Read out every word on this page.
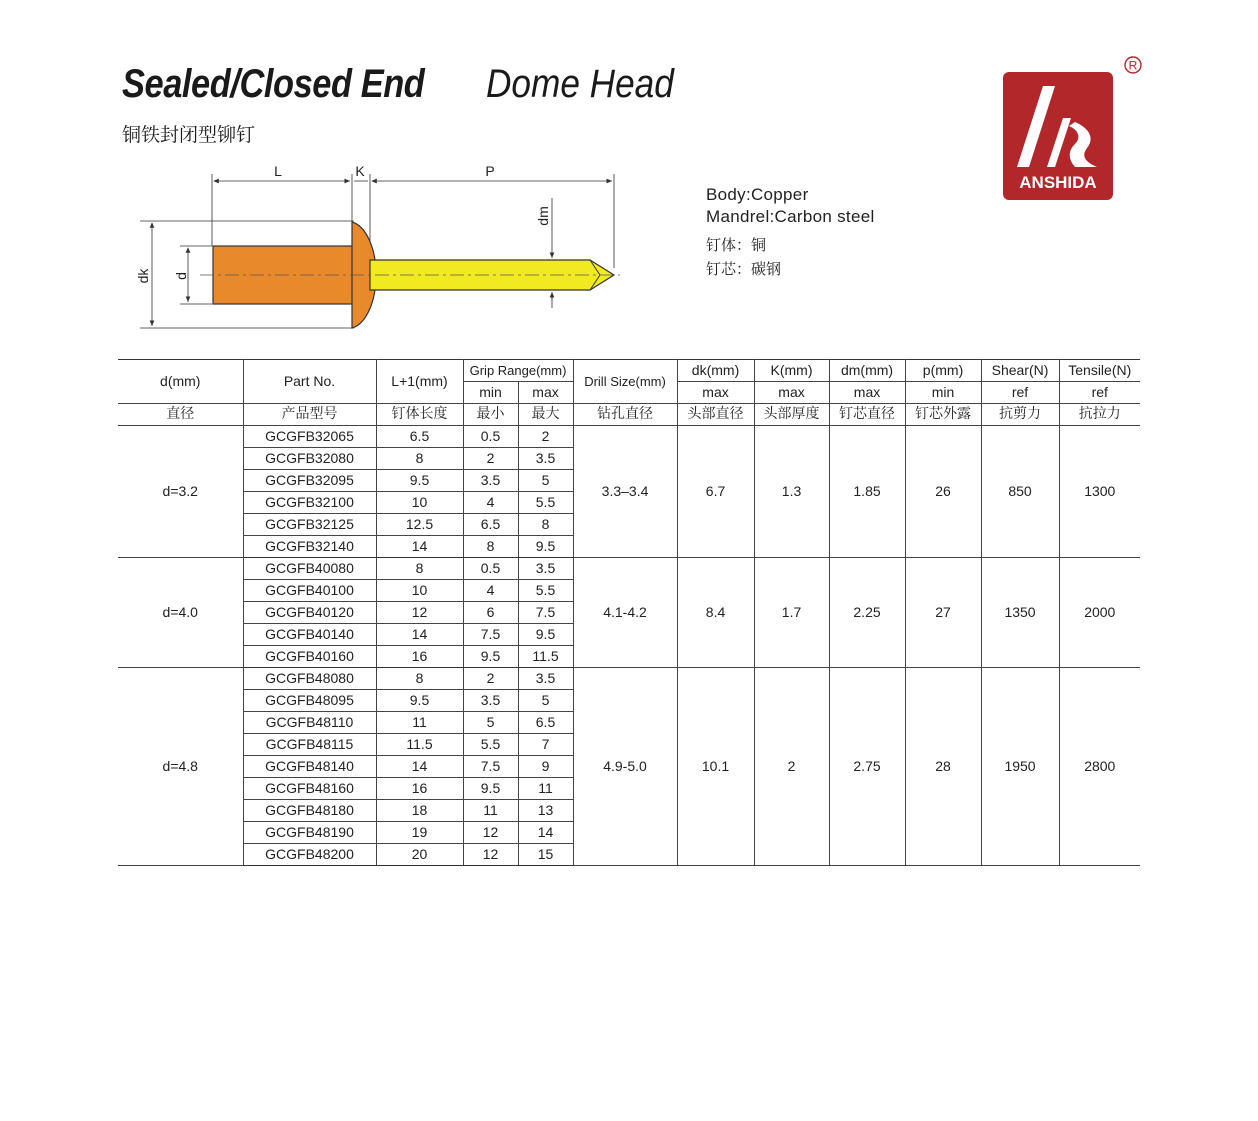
Sealed/Closed End Dome Head
铜铁封闭型铆钉
Body:Copper
Mandrel:Carbon steel
钉体：铜
钉芯：碳钢
ANSHIDA
R
L	K	P
dk d
dm
d(mm)	Part No.	L+1(mm)	Grip Range(mm)		Drill Size(mm)	dk(mm)	K(mm)	dm(mm)	p(mm)	Shear(N)	Tensile(N)
			min	max		max	max	max	min	ref	ref
直径	产品型号	钉体长度	最小	最大	钻孔直径	头部直径	头部厚度	钉芯直径	钉芯外露	抗剪力	抗拉力
d=3.2	GCGFB32065	6.5	0.5	2	3.3–3.4	6.7	1.3	1.85	26	850	1300
	GCGFB32080	8	2	3.5							
	GCGFB32095	9.5	3.5	5							
	GCGFB32100	10	4	5.5							
	GCGFB32125	12.5	6.5	8							
	GCGFB32140	14	8	9.5							
d=4.0	GCGFB40080	8	0.5	3.5	4.1-4.2	8.4	1.7	2.25	27	1350	2000
	GCGFB40100	10	4	5.5							
	GCGFB40120	12	6	7.5							
	GCGFB40140	14	7.5	9.5							
	GCGFB40160	16	9.5	11.5							
d=4.8	GCGFB48080	8	2	3.5	4.9-5.0	10.1	2	2.75	28	1950	2800
	GCGFB48095	9.5	3.5	5							
	GCGFB48110	11	5	6.5							
	GCGFB48115	11.5	5.5	7							
	GCGFB48140	14	7.5	9							
	GCGFB48160	16	9.5	11							
	GCGFB48180	18	11	13							
	GCGFB48190	19	12	14							
	GCGFB48200	20	12	15							
